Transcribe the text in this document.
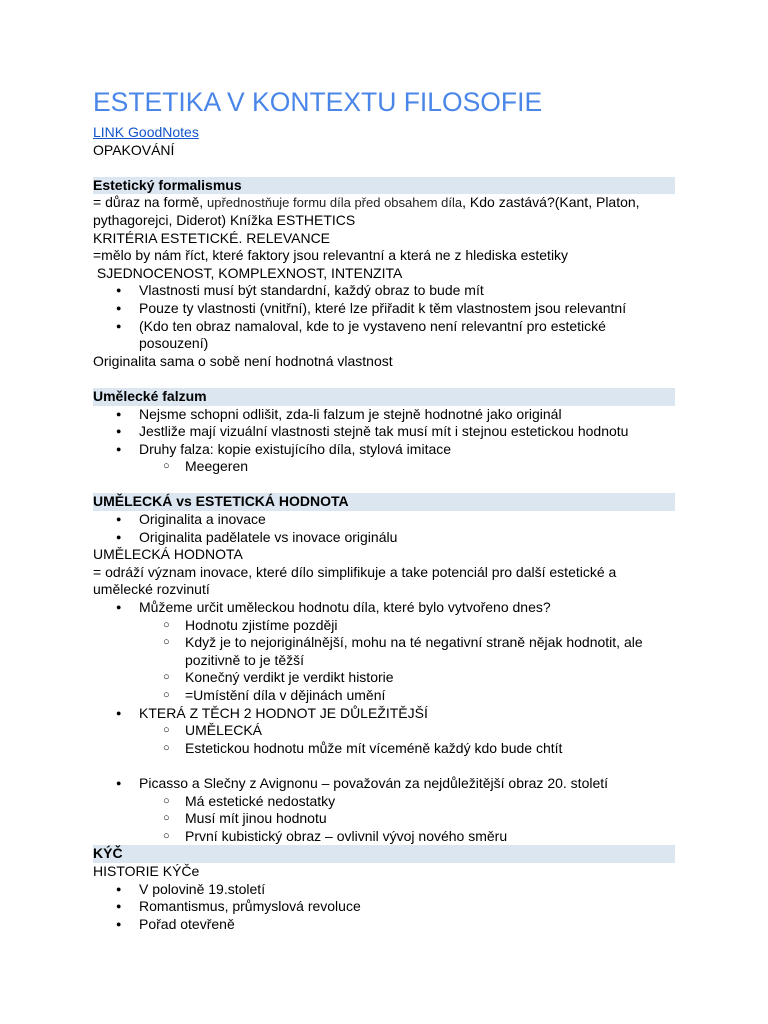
ESTETIKA V KONTEXTU FILOSOFIE

LINK GoodNotes

OPAKOVÁNÍ

Estetický formalismus

= důraz na formě, upřednostňuje formu díla před obsahem díla, Kdo zastává?(Kant, Platon, pythagorejci, Diderot) Knížka ESTHETICS

KRITÉRIA ESTETICKÉ. RELEVANCE

=mělo by nám říct, které faktory jsou relevantní a která ne z hlediska estetiky

SJEDNOCENOST, KOMPLEXNOST, INTENZITA

● Vlastnosti musí být standardní, každý obraz to bude mít
● Pouze ty vlastnosti (vnitřní), které lze přiřadit k těm vlastnostem jsou relevantní
● (Kdo ten obraz namaloval, kde to je vystaveno není relevantní pro estetické posouzení)

Originalita sama o sobě není hodnotná vlastnost

Umělecké falzum

● Nejsme schopni odlišit, zda-li falzum je stejně hodnotné jako originál
● Jestliže mají vizuální vlastnosti stejně tak musí mít i stejnou estetickou hodnotu
● Druhy falza: kopie existujícího díla, stylová imitace
○ Meegeren

UMĚLECKÁ vs ESTETICKÁ HODNOTA

● Originalita a inovace
● Originalita padělatele vs inovace originálu

UMĚLECKÁ HODNOTA

= odráží význam inovace, které dílo simplifikuje a take potenciál pro další estetické a umělecké rozvinutí

● Můžeme určit uměleckou hodnotu díla, které bylo vytvořeno dnes?
○ Hodnotu zjistíme později
○ Když je to nejoriginálnější, mohu na té negativní straně nějak hodnotit, ale pozitivně to je těžší
○ Konečný verdikt je verdikt historie
○ =Umístění díla v dějinách umění
● KTERÁ Z TĚCH 2 HODNOT JE DŮLEŽITĚJŠÍ
○ UMĚLECKÁ
○ Estetickou hodnotu může mít víceméně každý kdo bude chtít
● Picasso a Slečny z Avignonu – považován za nejdůležitější obraz 20. století
○ Má estetické nedostatky
○ Musí mít jinou hodnotu
○ První kubistický obraz – ovlivnil vývoj nového směru

KÝČ

HISTORIE KÝČe

● V polovině 19.století
● Romantismus, průmyslová revoluce
● Pořad otevřeně
